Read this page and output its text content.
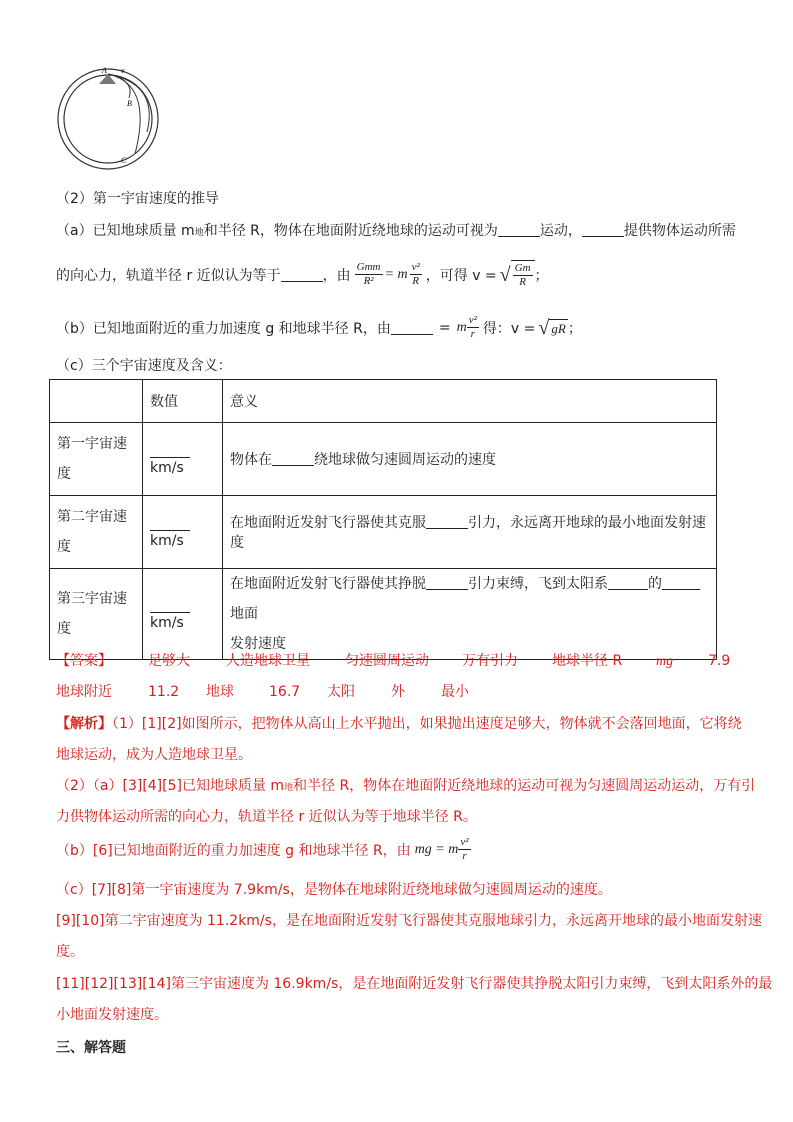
A v
B
C
（2）第一宇宙速度的推导
（a）已知地球质量 m地和半径 R，物体在地面附近绕地球的运动可视为	运动，	提供物体运动所需
的向心力，轨道半径 r 近似认为等于	，由 $\frac{\text{Gmm}}{\text{R²}} = m \frac{\text{v²}}{R}$ ，可得 v = √ $\frac{Gm}{R}$ ；
（b） 已知地面附近的重力加速度 g 和地球半径 R，由	= m $\frac{\text{v²}}{r}$ 得：v = √ gR ；
（c）三个宇宙速度及含义：
	数值	意义
第一宇宙速度	km/s	物体在 绕地球做匀速圆周运动的速度
第二宇宙速度	km/s	在地面附近发射飞行器使其克服 引力，永远离开地球的最小地面发射速度
第三宇宙速度	km/s	在地面附近发射飞行器使其挣脱 引力束缚，飞到太阳系 的地面
发射速度
【答案】	足够大	人造地球卫星	匀速圆周运动 万有引力 地球半径 R mg 7.9
地球附近	11.2 地球	16.7 太阳	外	最小
【解析】（1）[1][2]如图所示，把物体从高山上水平抛出，如果抛出速度足够大，物体就不会落回地面，它将绕
地球运动，成为人造地球卫星。
（2）（a）[3][4][5]已知地球质量 m地和半径 R，物体在地面附近绕地球的运动可视为匀速圆周运动运动，万有引
力供物体运动所需的向心力，轨道半径 r 近似认为等于地球半径 R。
（b）[6]已知地面附近的重力加速度 g 和地球半径 R，由 mg = m $\frac{\text{v²}}{r}$
（c）[7][8]第一宇宙速度为 7.9km/s，是物体在地球附近绕地球做匀速圆周运动的速度。
[9][10]第二宇宙速度为 11.2km/s，是在地面附近发射飞行器使其克服地球引力，永远离开地球的最小地面发射速
度。
[11][12][13][14]第三宇宙速度为 16.9km/s，是在地面附近发射飞行器使其挣脱太阳引力束缚，飞到太阳系外的最
小地面发射速度。
三、解答题
